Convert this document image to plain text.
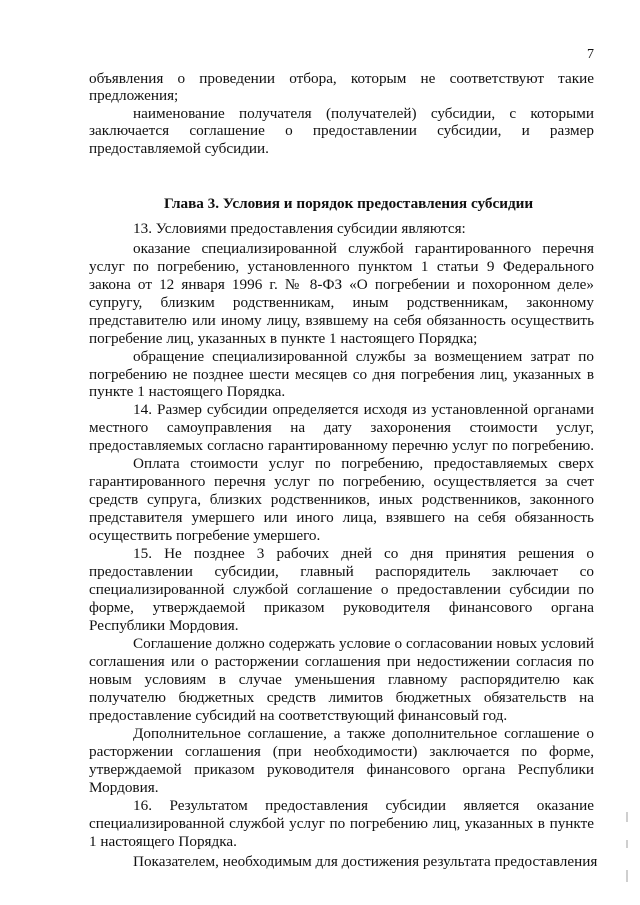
7
объявления о проведении отбора, которым не соответствуют такие
предложения;
наименование получателя (получателей) субсидии, с которыми
заключается соглашение о предоставлении субсидии, и размер
предоставляемой субсидии.
Глава 3. Условия и порядок предоставления субсидии
13. Условиями предоставления субсидии являются:
оказание специализированной службой гарантированного перечня
услуг по погребению, установленного пунктом 1 статьи 9 Федерального
закона от 12 января 1996 г. № 8-ФЗ «О погребении и похоронном деле»
супругу, близким родственникам, иным родственникам, законному
представителю или иному лицу, взявшему на себя обязанность осуществить
погребение лиц, указанных в пункте 1 настоящего Порядка;
обращение специализированной службы за возмещением затрат по
погребению не позднее шести месяцев со дня погребения лиц, указанных в
пункте 1 настоящего Порядка.
14. Размер субсидии определяется исходя из установленной органами
местного самоуправления на дату захоронения стоимости услуг,
предоставляемых согласно гарантированному перечню услуг по погребению.
Оплата стоимости услуг по погребению, предоставляемых сверх
гарантированного перечня услуг по погребению, осуществляется за счет
средств супруга, близких родственников, иных родственников, законного
представителя умершего или иного лица, взявшего на себя обязанность
осуществить погребение умершего.
15. Не позднее 3 рабочих дней со дня принятия решения о
предоставлении субсидии, главный распорядитель заключает со
специализированной службой соглашение о предоставлении субсидии по
форме, утверждаемой приказом руководителя финансового органа
Республики Мордовия.
Соглашение должно содержать условие о согласовании новых условий
соглашения или о расторжении соглашения при недостижении согласия по
новым условиям в случае уменьшения главному распорядителю как
получателю бюджетных средств лимитов бюджетных обязательств на
предоставление субсидий на соответствующий финансовый год.
Дополнительное соглашение, а также дополнительное соглашение о
расторжении соглашения (при необходимости) заключается по форме,
утверждаемой приказом руководителя финансового органа Республики
Мордовия.
16. Результатом предоставления субсидии является оказание
специализированной службой услуг по погребению лиц, указанных в пункте
1 настоящего Порядка.
Показателем, необходимым для достижения результата предоставления
